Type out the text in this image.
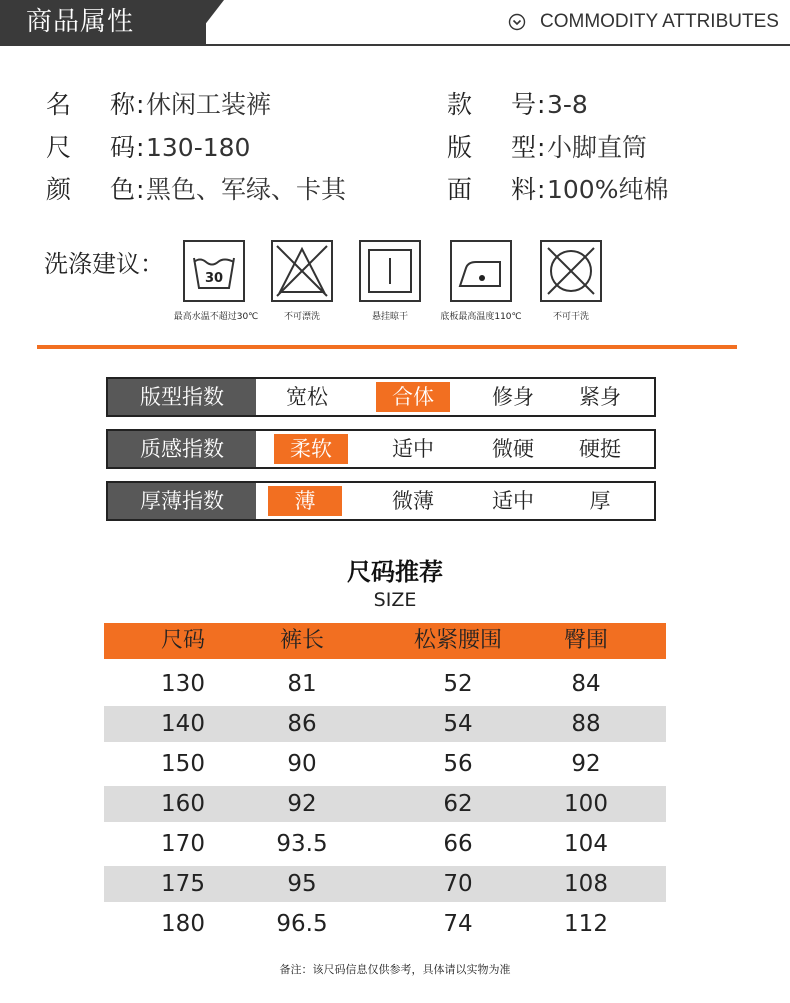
商品属性	COMMODITY ATTRIBUTES
名 称 : 休闲工装裤	款 号 : 3-8
尺 码 : 130-180	版 型 : 小脚直筒
颜 色 : 黑色、军绿、卡其	面 料 : 100%纯棉
洗涤建议：
30
最高水温不超过30℃	不可漂洗	悬挂晾干	底板最高温度110℃	不可干洗
版型指数	宽松	合体	修身	紧身
质感指数	柔软	适中	微硬	硬挺
厚薄指数	薄	微薄	适中	厚
尺码推荐
SIZE
尺码	裤长	松紧腰围	臀围
130	81	52	84
140	86	54	88
150	90	56	92
160	92	62	100
170	93.5	66	104
175	95	70	108
180	96.5	74	112
备注：该尺码信息仅供参考，具体请以实物为准
